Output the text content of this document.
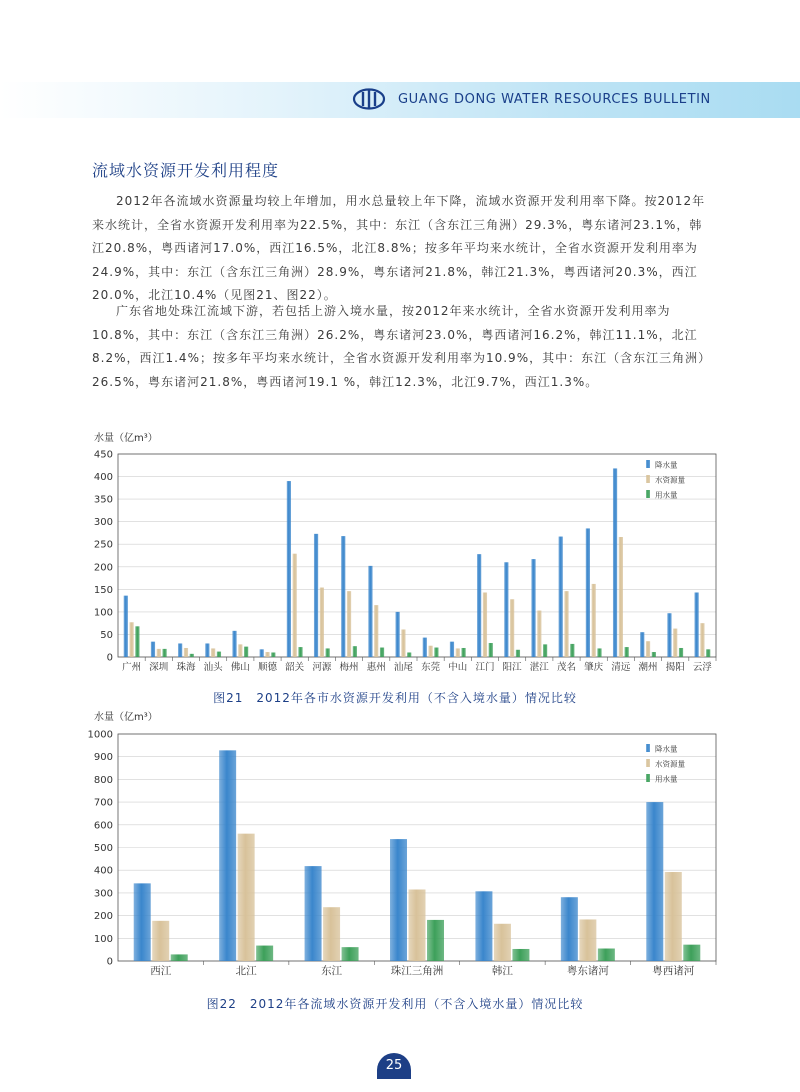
GUANG DONG WATER RESOURCES BULLETIN
流域水资源开发利用程度

2012年各流域水资源量均较上年增加，用水总量较上年下降，流域水资源开发利用率下降。按2012年来水统计，全省水资源开发利用率为22.5%，其中：东江（含东江三角洲）29.3%，粤东诸河23.1%，韩江20.8%，粤西诸河17.0%，西江16.5%，北江8.8%；按多年平均来水统计，全省水资源开发利用率为24.9%，其中：东江（含东江三角洲）28.9%，粤东诸河21.8%，韩江21.3%，粤西诸河20.3%，西江20.0%，北江10.4%（见图21、图22）。

广东省地处珠江流域下游，若包括上游入境水量，按2012年来水统计，全省水资源开发利用率为10.8%，其中：东江（含东江三角洲）26.2%，粤东诸河23.0%，粤西诸河16.2%，韩江11.1%，北江8.2%，西江1.4%；按多年平均来水统计，全省水资源开发利用率为10.9%，其中：东江（含东江三角洲）26.5%，粤东诸河21.8%，粤西诸河19.1 %，韩江12.3%，北江9.7%，西江1.3%。

水量（亿m³）
0
50
100
150
200
250
300
350
400
450
广州 深圳 珠海 汕头 佛山 顺德 韶关 河源 梅州 惠州 汕尾 东莞 中山 江门 阳江 湛江 茂名 肇庆 清远 潮州 揭阳 云浮
降水量
水资源量
用水量
图21　2012年各市水资源开发利用（不含入境水量）情况比较
水量（亿m³）
0
100
200
300
400
500
600
700
800
900
1000
西江	北江	东江	珠江三角洲	韩江	粤东诸河	粤西诸河
降水量
水资源量
用水量
图22　2012年各流域水资源开发利用（不含入境水量）情况比较
25
